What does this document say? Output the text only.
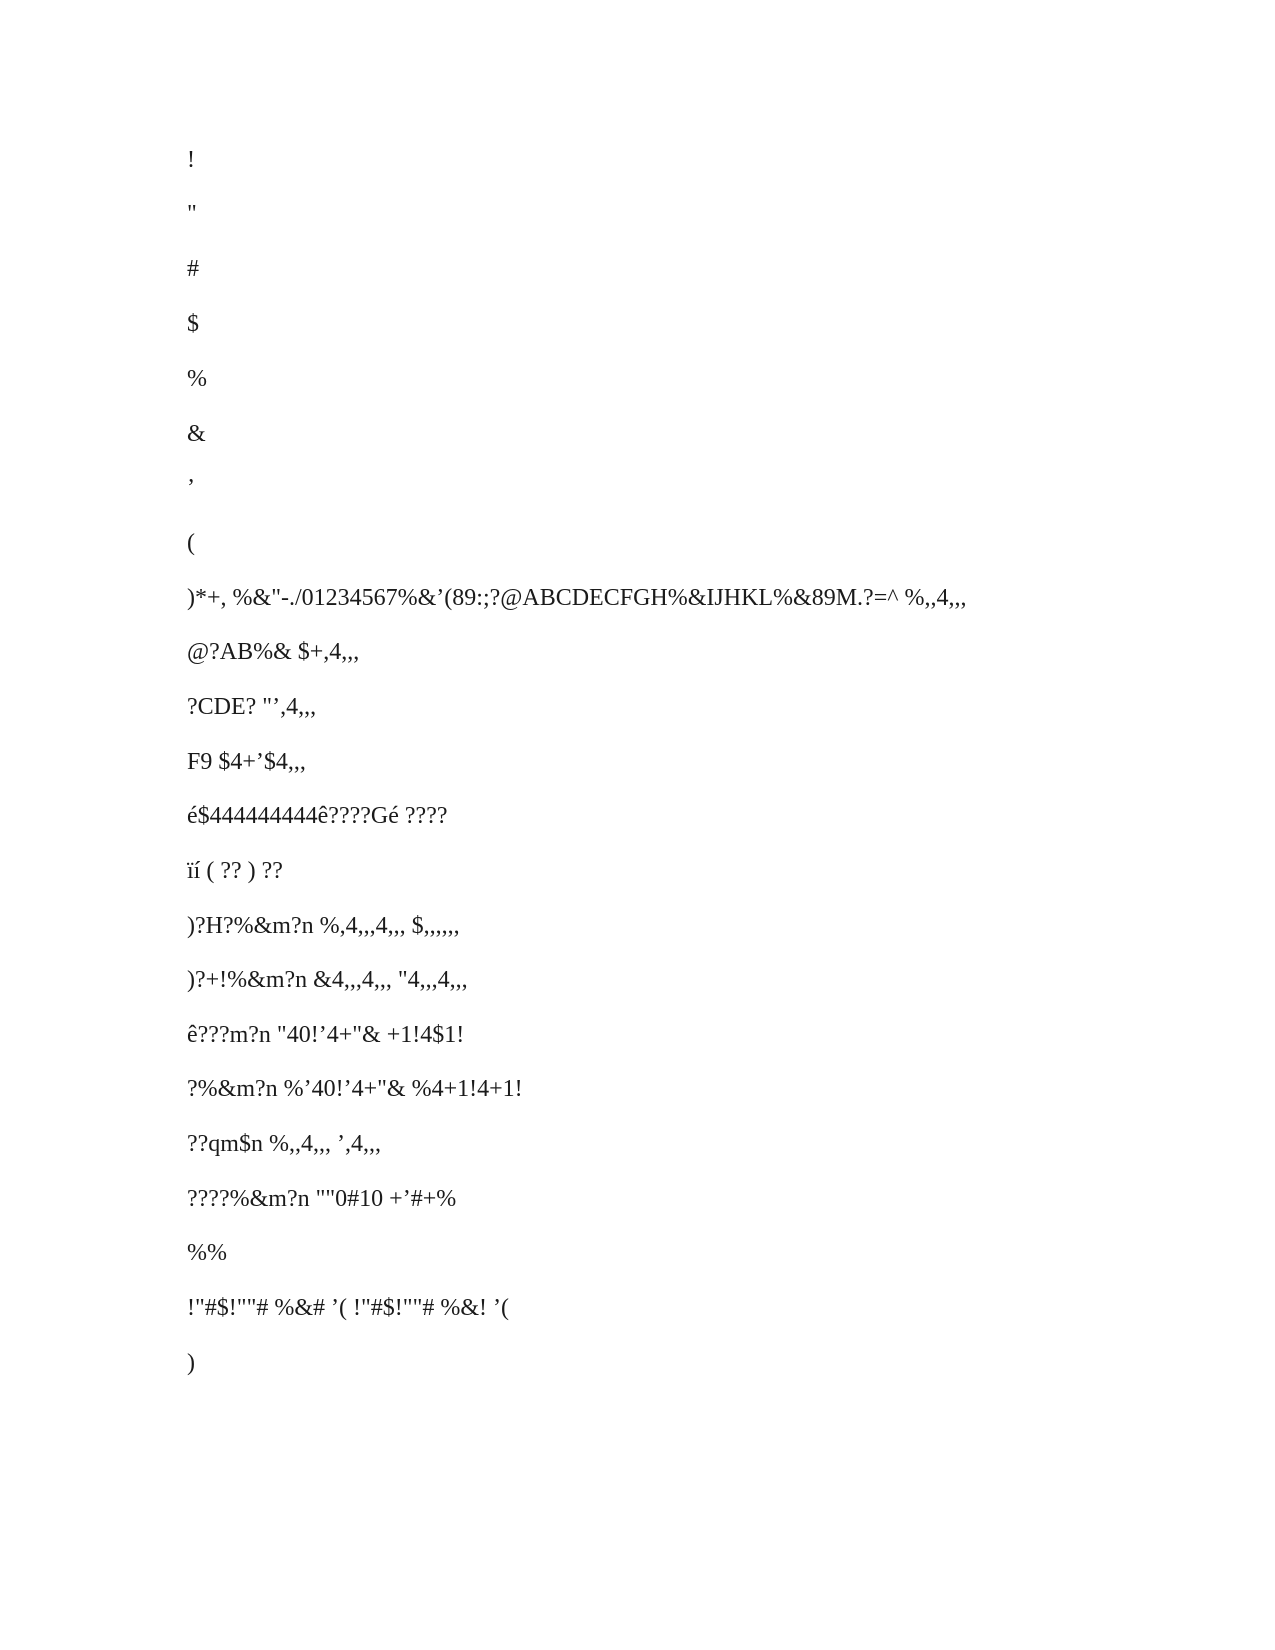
!
"
#
$
%
&
’
(
)*+, %&"-./01234567%&’(89:;?@ABCDECFGH%&IJHKL%&89M.?=^ %,,4,,,
@?AB%& $+,4,,,
?CDE? "’,4,,,
F9 $4+’$4,,,
é$444444444ê????Gé ????
ïí ( ?? ) ??
)?H?%&m?n %,4,,,4,,, $,,,,,,
)?+!%&m?n &4,,,4,,, "4,,,4,,,
ê???m?n "40!’4+"& +1!4$1!
?%&m?n %’40!’4+"& %4+1!4+1!
??qm$n %,,4,,, ’,4,,,
????%&m?n ""0#10 +’#+%
%%
!"#$!""# %&# ’( !"#$!""# %&! ’(
)
